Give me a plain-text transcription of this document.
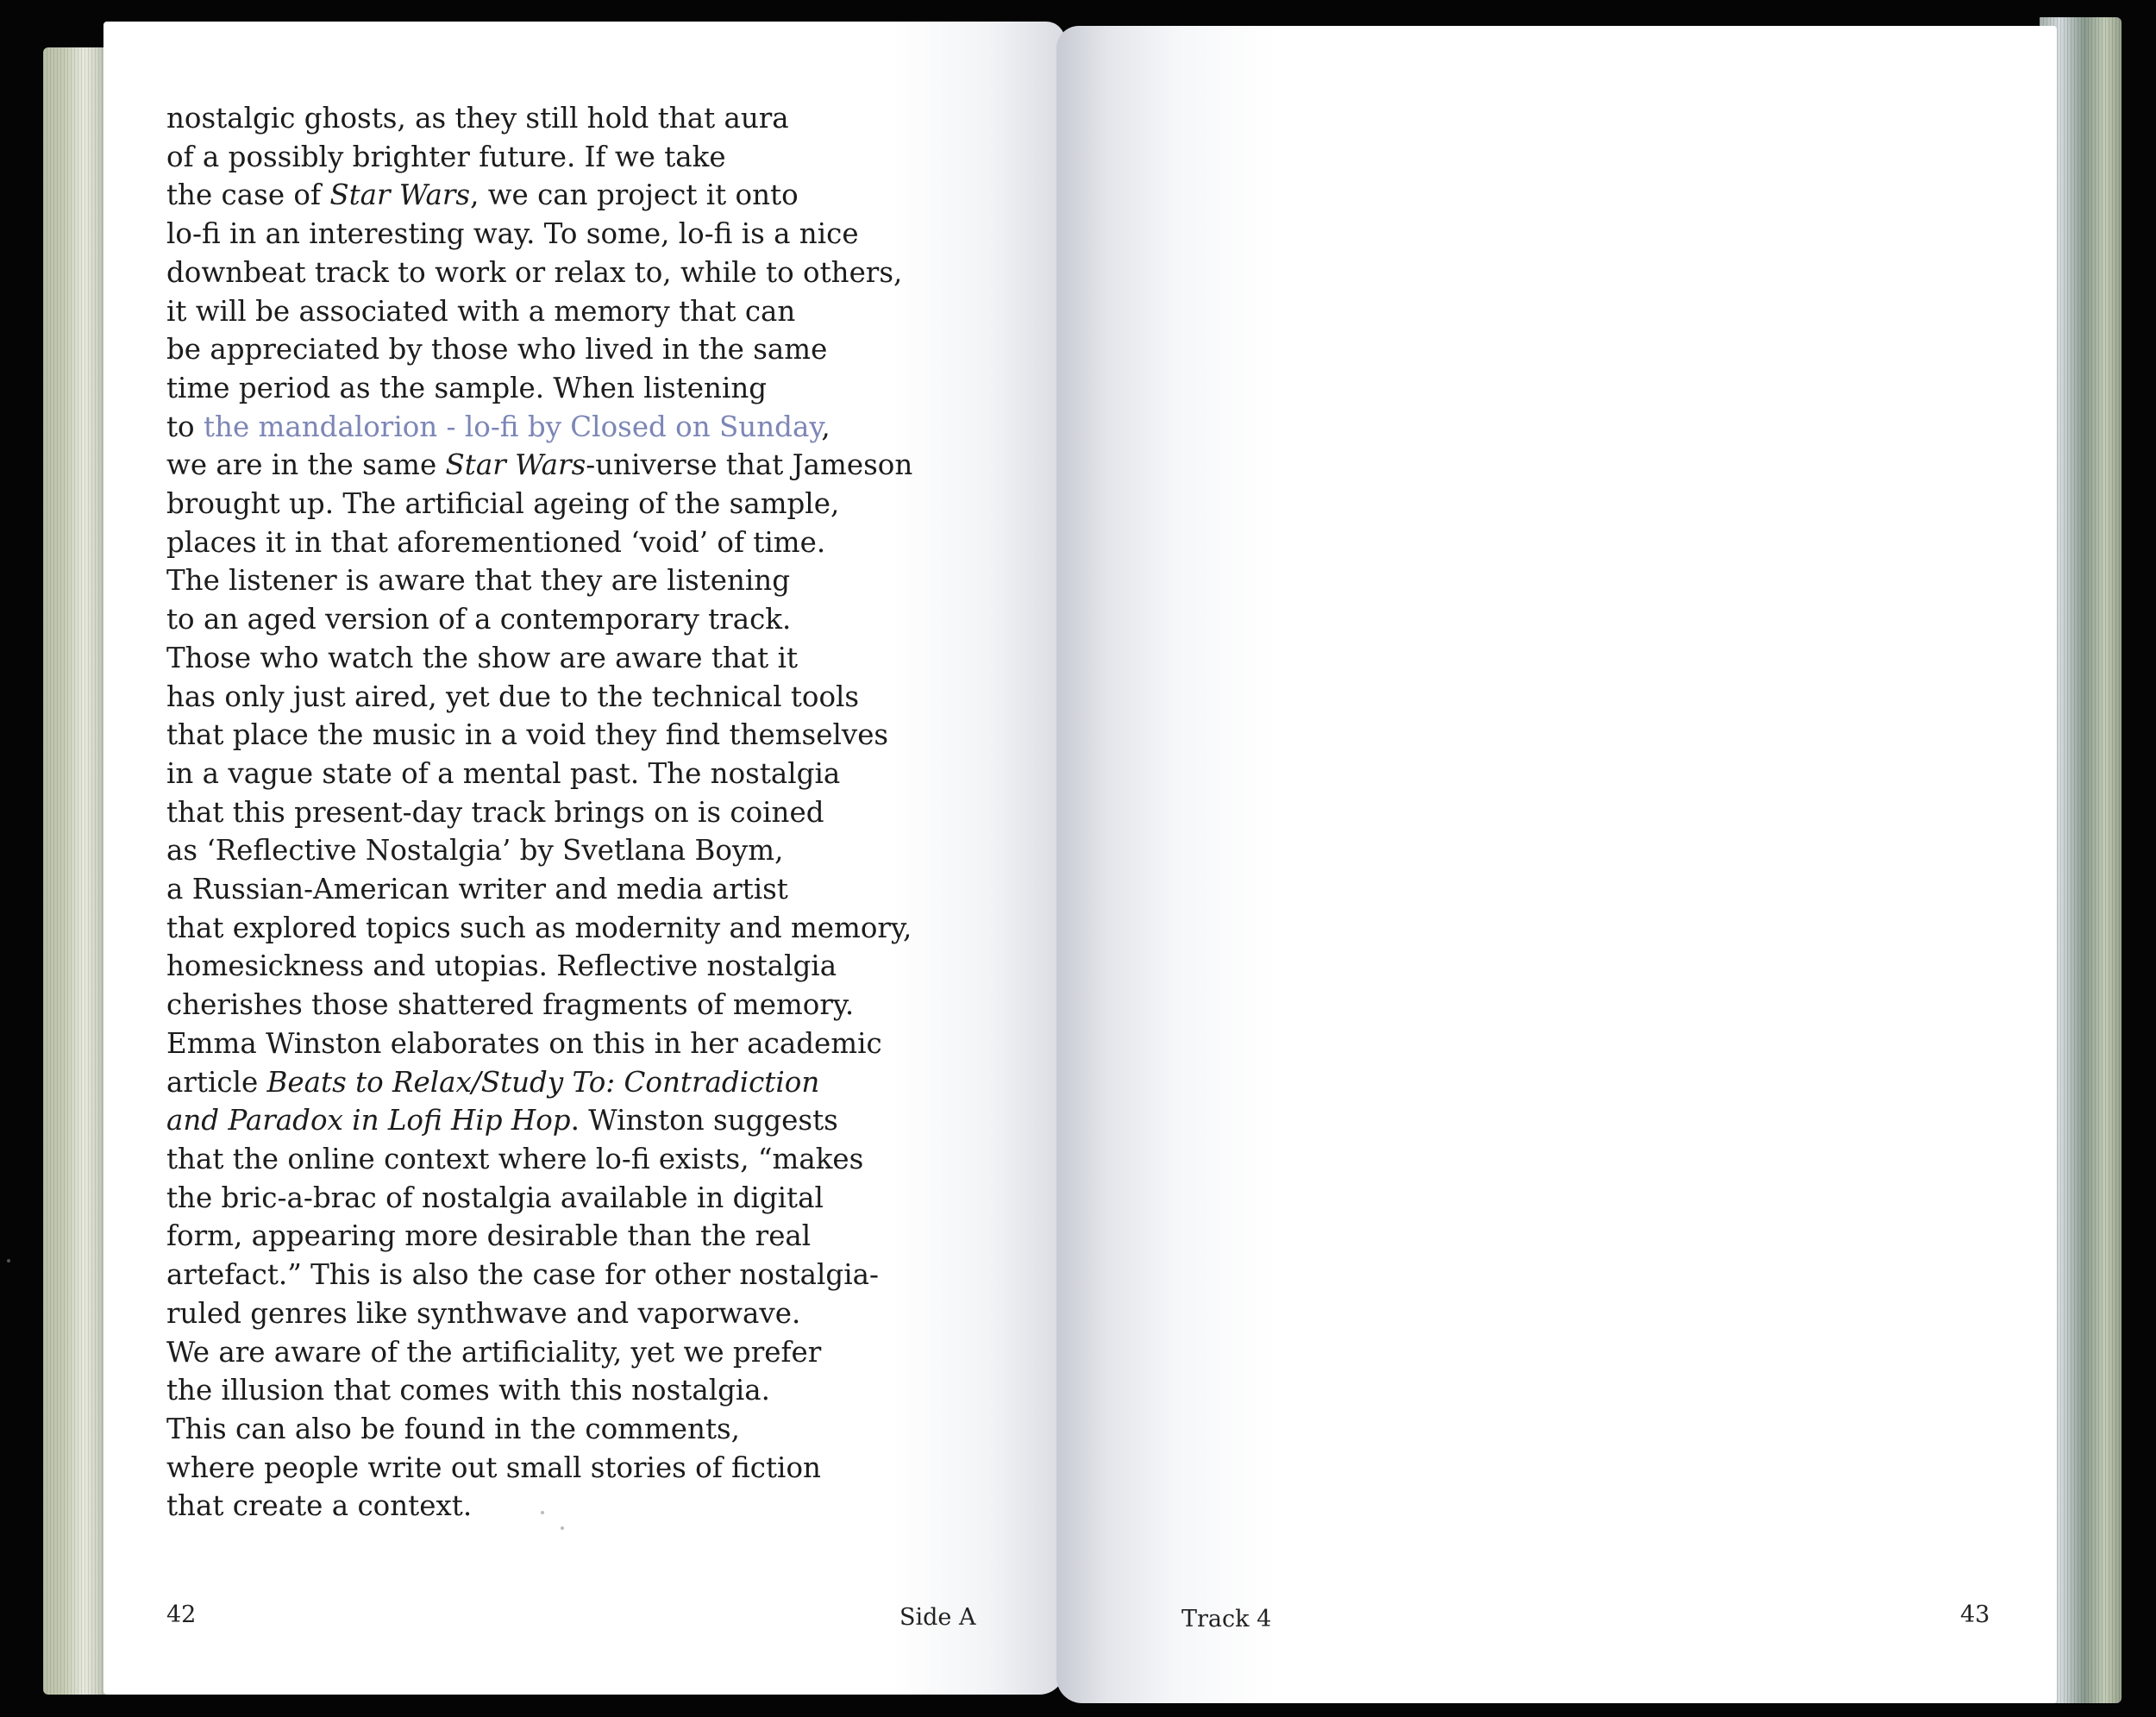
nostalgic ghosts, as they still hold that aura
of a possibly brighter future. If we take
the case of Star Wars, we can project it onto
lo-fi in an interesting way. To some, lo-fi is a nice
downbeat track to work or relax to, while to others,
it will be associated with a memory that can
be appreciated by those who lived in the same
time period as the sample. When listening
to the mandalorion - lo-fi by Closed on Sunday,
we are in the same Star Wars-universe that Jameson
brought up. The artificial ageing of the sample,
places it in that aforementioned ‘void’ of time.
The listener is aware that they are listening
to an aged version of a contemporary track.
Those who watch the show are aware that it
has only just aired, yet due to the technical tools
that place the music in a void they find themselves
in a vague state of a mental past. The nostalgia
that this present-day track brings on is coined
as ‘Reflective Nostalgia’ by Svetlana Boym,
a Russian-American writer and media artist
that explored topics such as modernity and memory,
homesickness and utopias. Reflective nostalgia
cherishes those shattered fragments of memory.
Emma Winston elaborates on this in her academic
article Beats to Relax/Study To: Contradiction
and Paradox in Lofi Hip Hop. Winston suggests
that the online context where lo-fi exists, “makes
the bric-a-brac of nostalgia available in digital
form, appearing more desirable than the real
artefact.” This is also the case for other nostalgia-
ruled genres like synthwave and vaporwave.
We are aware of the artificiality, yet we prefer
the illusion that comes with this nostalgia.
This can also be found in the comments,
where people write out small stories of fiction
that create a context.
42	Side A	Track 4	43
